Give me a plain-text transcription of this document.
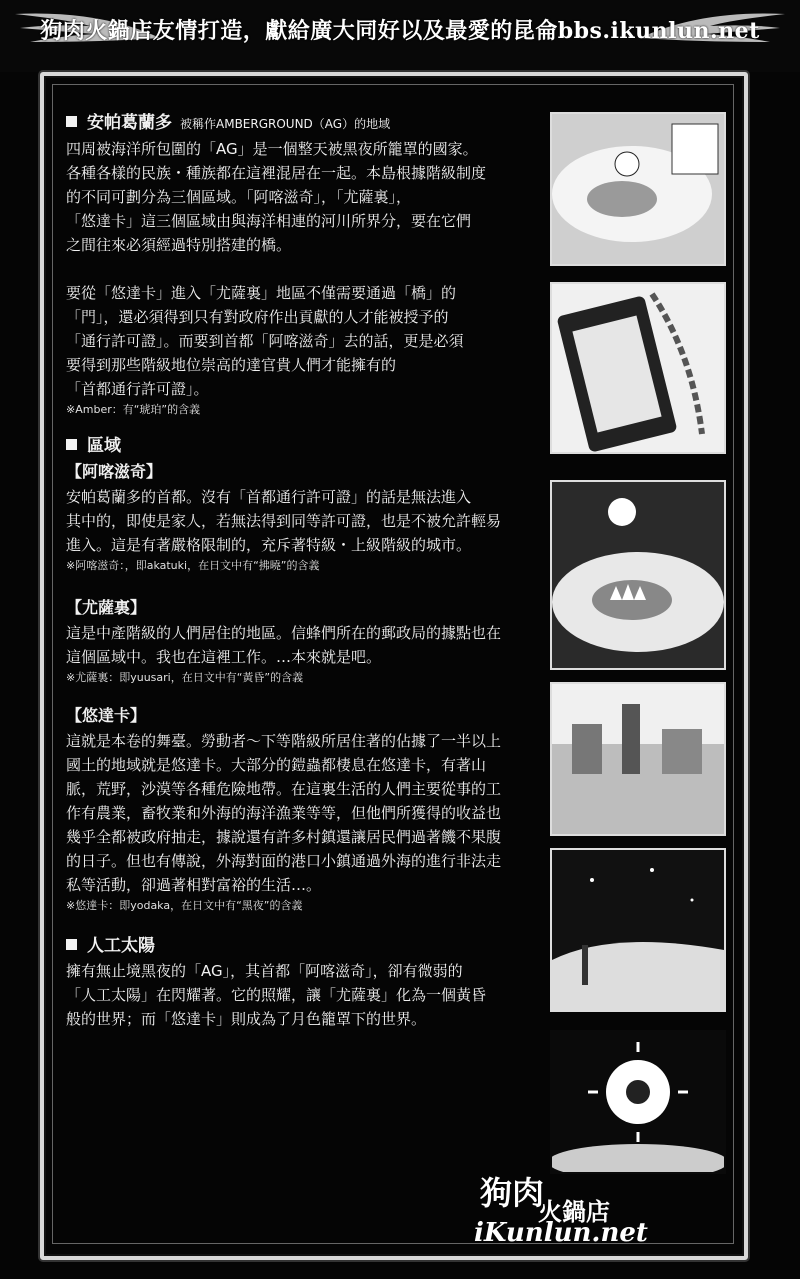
狗肉火鍋店友情打造，獻給廣大同好以及最愛的昆侖bbs.ikunlun.net

安帕葛蘭多 被稱作AMBERGROUND（AG）的地域

四周被海洋所包圍的「AG」是一個整天被黑夜所籠罩的國家。
各種各樣的民族・種族都在這裡混居在一起。本島根據階級制度
的不同可劃分為三個區域。「阿喀滋奇」，「尤薩裏」，
「悠達卡」這三個區域由與海洋相連的河川所界分，要在它們
之間往來必須經過特別搭建的橋。

要從「悠達卡」進入「尤薩裏」地區不僅需要通過「橋」的
「門」，還必須得到只有對政府作出貢獻的人才能被授予的
「通行許可證」。而要到首都「阿喀滋奇」去的話，更是必須
要得到那些階級地位崇高的達官貴人們才能擁有的
「首都通行許可證」。

※Amber：有“琥珀”的含義

區域

【阿喀滋奇】

安帕葛蘭多的首都。沒有「首都通行許可證」的話是無法進入
其中的，即使是家人，若無法得到同等許可證，也是不被允許輕易
進入。這是有著嚴格限制的，充斥著特級・上級階級的城市。

※阿喀滋奇：，即akatuki，在日文中有“拂曉”的含義

【尤薩裏】

這是中產階級的人們居住的地區。信蜂們所在的郵政局的據點也在
這個區域中。我也在這裡工作。…本來就是吧。

※尤薩裏：即yuusari，在日文中有“黃昏”的含義

【悠達卡】

這就是本卷的舞臺。勞動者～下等階級所居住著的佔據了一半以上
國土的地域就是悠達卡。大部分的鎧蟲都棲息在悠達卡，有著山
脈，荒野，沙漠等各種危險地帶。在這裏生活的人們主要從事的工
作有農業，畜牧業和外海的海洋漁業等等，但他們所獲得的收益也
幾乎全都被政府抽走，據說還有許多村鎮還讓居民們過著饑不果腹
的日子。但也有傳說，外海對面的港口小鎮通過外海的進行非法走
私等活動，卻過著相對富裕的生活…。

※悠達卡：即yodaka，在日文中有“黑夜”的含義

人工太陽

擁有無止境黑夜的「AG」，其首都「阿喀滋奇」，卻有微弱的
「人工太陽」在閃耀著。它的照耀，讓「尤薩裏」化為一個黃昏
般的世界；而「悠達卡」則成為了月色籠罩下的世界。

狗肉
火鍋店
iKunlun.net
